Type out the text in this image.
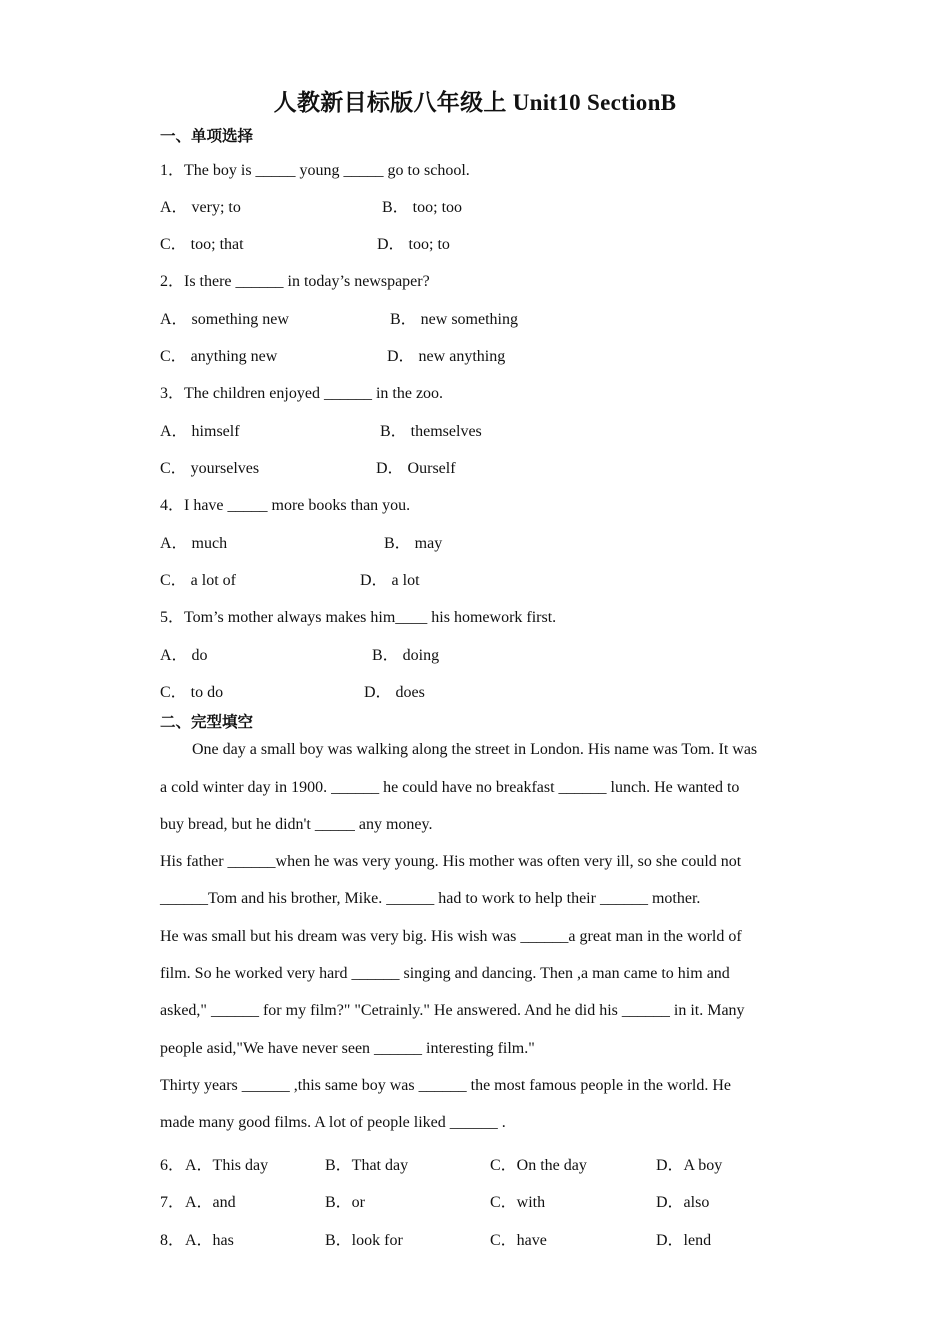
人教新目标版八年级上 Unit10 SectionB
一、单项选择
1．The boy is _____ young _____ go to school.
A． very; to	B． too; too
C． too; that	D． too; to
2．Is there ______ in today’s newspaper?
A． something new	B． new something
C． anything new	D． new anything
3．The children enjoyed ______ in the zoo.
A． himself	B． themselves
C． yourselves	D． Ourself
4．I have _____ more books than you.
A． much	B． may
C． a lot of	D． a lot
5．Tom’s mother always makes him____ his homework first.
A． do	B． doing
C． to do	D． does
二、完型填空
One day a small boy was walking along the street in London. His name was Tom. It was
a cold winter day in 1900. ______ he could have no breakfast ______ lunch. He wanted to
buy bread, but he didn't _____ any money.
His father ______when he was very young. His mother was often very ill, so she could not
______Tom and his brother, Mike. ______ had to work to help their ______ mother.
He was small but his dream was very big. His wish was ______a great man in the world of
film. So he worked very hard ______ singing and dancing. Then ,a man came to him and
asked," ______ for my film?" "Cetrainly." He answered. And he did his ______ in it. Many
people asid,"We have never seen ______ interesting film."
Thirty years ______ ,this same boy was ______ the most famous people in the world. He
made many good films. A lot of people liked ______ .
6． A．This day	B．That day	C．On the day	D．A boy
7． A．and	B．or	C．with	D．also
8． A．has	B．look for	C．have	D．lend
